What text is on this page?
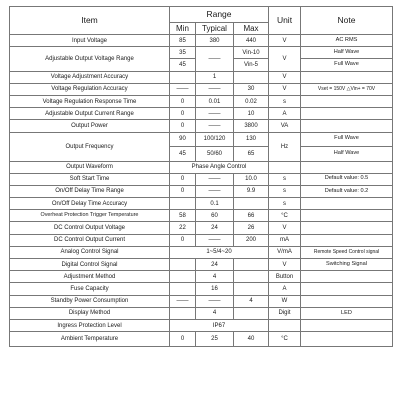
Item	Range			Unit	Note
	Min	Typical	Max		
Input Voltage	85	380	440	V	AC RMS
Adjustable Output Voltage Range	35	——	Vin-10	V	Half Wave
	45		Vin-5		Full Wave
Voltage Adjustment Accuracy		1		V	
Voltage Regulation Accuracy	——	——	30	V	Vset = 150V △Vin+ = 70V
Voltage Regulation Response Time	0	0.01	0.02	s	
Adjustable Output Current Range	0	——	10	A	
Output Power	0	——	3800	VA	
Output Frequency	90	100/120	130	Hz	Full Wave
	45	50/60	65		Half Wave
Output Waveform	Phase Angle Control				
Soft Start Time	0	——	10.0	s	Default value: 0.5
On/Off Delay Time Range	0	——	9.9	s	Default value: 0.2
On/Off Delay Time Accuracy		0.1		s	
Overheat Protection Trigger Temperature	58	60	66	°C	
DC Control Output Voltage	22	24	26	V	
DC Control Output Current	0	——	200	mA	
Analog Control Signal	1~5/4~20			V/mA	Remote Speed Control signal
Digital Control Signal		24		V	Switching Signal
Adjustment Method		4		Button	
Fuse Capacity		16		A	
Standby Power Consumption	——	——	4	W	
Display Method		4		Digit	LED
Ingress Protection Level	IP67				
Ambient Temperature	0	25	40	°C	
